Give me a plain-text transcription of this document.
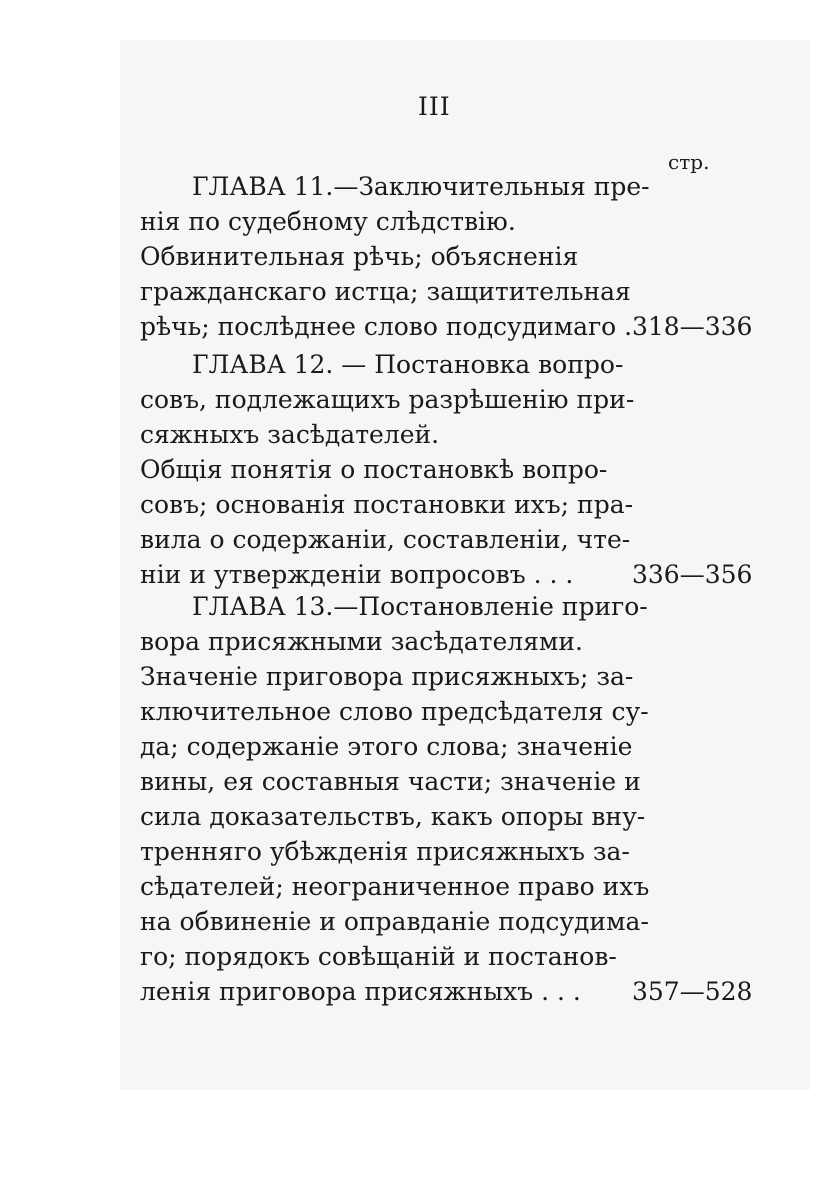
III
стр.
ГЛАВА 11.—Заключительныя пре-
нія по судебному слѣдствію.
Обвинительная рѣчь; объясненія
гражданскаго истца; защитительная
рѣчь; послѣднее слово подсудимаго . 318—336
ГЛАВА 12. — Постановка вопро-
совъ, подлежащихъ разрѣшенію при-
сяжныхъ засѣдателей.
Общія понятія о постановкѣ вопро-
совъ; основанія постановки ихъ; пра-
вила о содержаніи, составленіи, чте-
ніи и утвержденіи вопросовъ . . . 336—356
ГЛАВА 13.—Постановленіе приго-
вора присяжными засѣдателями.
Значеніе приговора присяжныхъ; за-
ключительное слово предсѣдателя су-
да; содержаніе этого слова; значеніе
вины, ея составныя части; значеніе и
сила доказательствъ, какъ опоры вну-
тренняго убѣжденія присяжныхъ за-
сѣдателей; неограниченное право ихъ
на обвиненіе и оправданіе подсудима-
го; порядокъ совѣщаній и постанов-
ленія приговора присяжныхъ . . . 357—528
